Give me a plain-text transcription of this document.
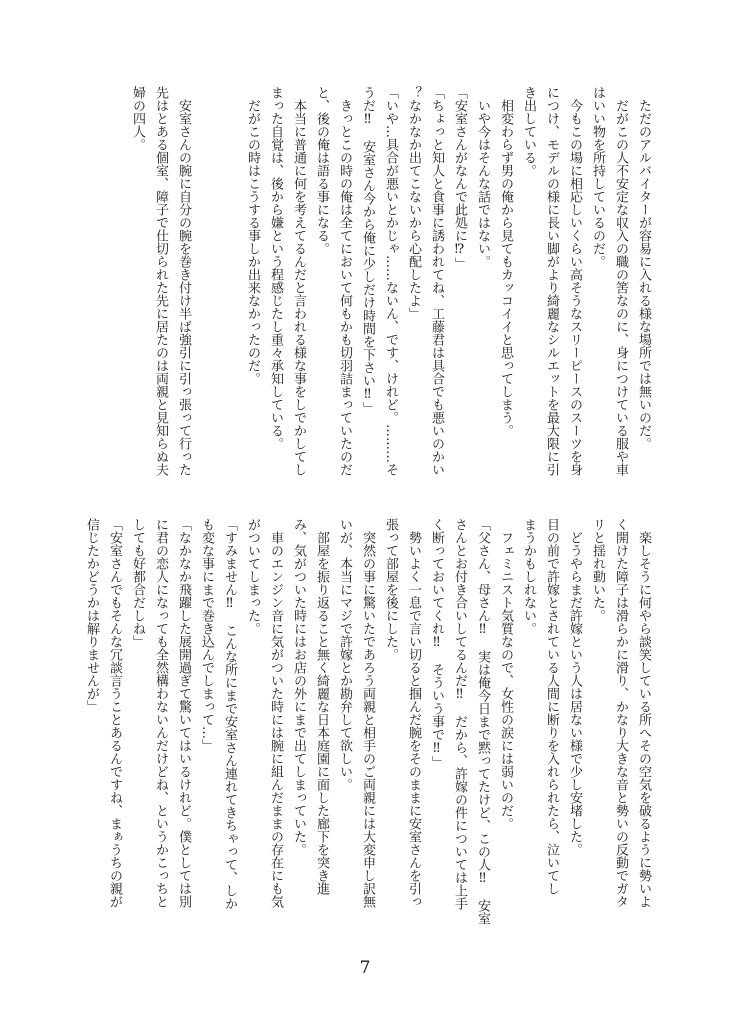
　ただのアルバイターが容易に入れる様な場所では無いのだ。
　だがこの人不安定な収入の職の筈なのに、身につけている服や車
はいい物を所持しているのだ。
　今もこの場に相応しいくらい高そうなスリーピースのスーツを身
につけ、モデルの様に長い脚がより綺麗なシルエットを最大限に引
き出している。
　相変わらず男の俺から見てもカッコイイと思ってしまう。
　いや今はそんな話ではない。
「安室さんがなんで此処に⁉」
「ちょっと知人と食事に誘われてね、工藤君は具合でも悪いのかい
？なかなか出てこないから心配したよ」
「いや…具合が悪いとかじゃ……ないん、です、けれど。………そ
うだ‼　安室さん今から俺に少しだけ時間を下さい‼」
　きっとこの時の俺は全てにおいて何もかも切羽詰まっていたのだ
と、後の俺は語る事になる。
　本当に普通に何を考えてるんだと言われる様な事をしでかしてし
まった自覚は、後から嫌という程感じたし重々承知している。
　だがこの時はこうする事しか出来なかったのだ。
　安室さんの腕に自分の腕を巻き付け半ば強引に引っ張って行った
先はとある個室、障子で仕切られた先に居たのは両親と見知らぬ夫
婦の四人。
　楽しそうに何やら談笑している所へその空気を破るように勢いよ
く開けた障子は滑らかに滑り、かなり大きな音と勢いの反動でガタ
リと揺れ動いた。
　どうやらまだ許嫁という人は居ない様で少し安堵した。
目の前で許嫁とされている人間に断りを入れられたら、泣いてし
まうかもしれない。
　フェミニスト気質なので、女性の涙には弱いのだ。
「父さん、母さん‼　実は俺今日まで黙ってたけど、この人‼　安室
さんとお付き合いしてるんだ‼　だから、許嫁の件については上手
く断っておいてくれ‼　そういう事で‼」
　勢いよく一息で言い切ると掴んだ腕をそのままに安室さんを引っ
張って部屋を後にした。
　突然の事に驚いたであろう両親と相手のご両親には大変申し訳無
いが、本当にマジで許嫁とか勘弁して欲しい。
　部屋を振り返ること無く綺麗な日本庭園に面した廊下を突き進
み、気がついた時にはお店の外にまで出てしまっていた。
　車のエンジン音に気がついた時には腕に組んだままの存在にも気
がついてしまった。
「すみません‼　こんな所にまで安室さん連れてきちゃって、しか
も変な事にまで巻き込んでしまって…」
「なかなか飛躍した展開過ぎて驚いてはいるけれど。僕としては別
に君の恋人になっても全然構わないんだけどね、というかこっちと
しても好都合だしね」
「安室さんでもそんな冗談言うことあるんですね、まぁうちの親が
信じたかどうかは解りませんが」
7
